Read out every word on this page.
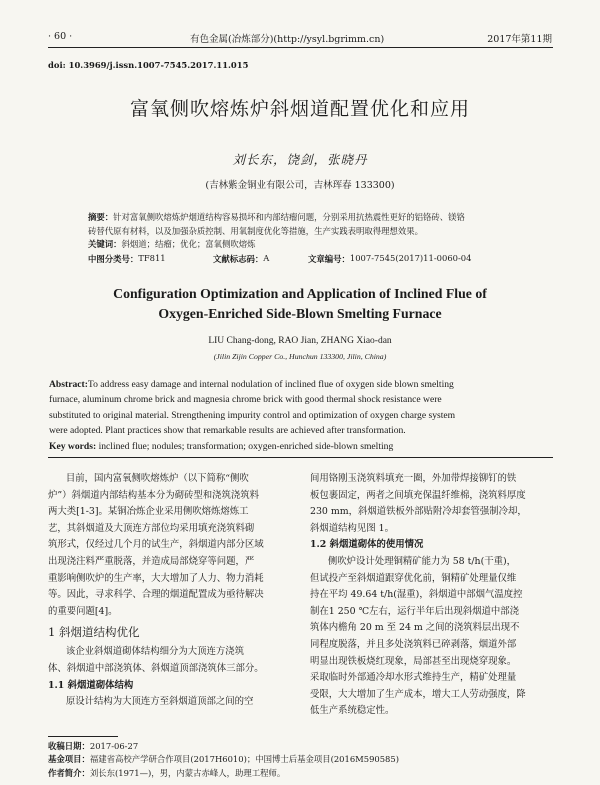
· 60 ·	有色金属(冶炼部分)(http://ysyl.bgrimm.cn)	2017年第11期
doi: 10.3969/j.issn.1007-7545.2017.11.015
富氧侧吹熔炼炉斜烟道配置优化和应用
刘长东，饶剑，张晓丹
(吉林紫金铜业有限公司，吉林珲春 133300)
摘要：针对富氧侧吹熔炼炉烟道结构容易损坏和内部结瘤问题，分别采用抗热震性更好的铝铬砖、镁铬
砖替代原有材料，以及加强杂质控制、用氧制度优化等措施，生产实践表明取得理想效果。
关键词：斜烟道；结瘤；优化；富氧侧吹熔炼
中图分类号： TF811	文献标志码： A	文章编号： 1007-7545(2017)11-0060-04
Configuration Optimization and Application of Inclined Flue of
Oxygen-Enriched Side-Blown Smelting Furnace
LIU Chang-dong, RAO Jian, ZHANG Xiao-dan
(Jilin Zijin Copper Co., Hunchun 133300, Jilin, China)
Abstract:To address easy damage and internal nodulation of inclined flue of oxygen side blown smelting
furnace, aluminum chrome brick and magnesia chrome brick with good thermal shock resistance were
substituted to original material. Strengthening impurity control and optimization of oxygen charge system
were adopted. Plant practices show that remarkable results are achieved after transformation.
Key words: inclined flue; nodules; transformation; oxygen-enriched side-blown smelting
目前，国内富氧侧吹熔炼炉（以下简称“侧吹
炉”）斜烟道内部结构基本分为砌砖型和浇筑浇筑料
两大类[1-3]。某铜冶炼企业采用侧吹熔炼熔炼工
艺，其斜烟道及大顶连方部位均采用填充浇筑料砌
筑形式，仅经过几个月的试生产，斜烟道内部分区域
出现浇注料严重脱落，并造成局部烧穿等问题，严
重影响侧吹炉的生产率，大大增加了人力、物力消耗
等。因此，寻求科学、合理的烟道配置成为亟待解决
的重要问题[4]。
1 斜烟道结构优化
该企业斜烟道砌体结构细分为大顶连方浇筑
体、斜烟道中部浇筑体、斜烟道顶部浇筑体三部分。
1.1 斜烟道砌体结构
原设计结构为大顶连方至斜烟道顶部之间的空
间用铬刚玉浇筑料填充一圈，外加带焊接铆钉的铁
板包裹固定，两者之间填充保温纤维棉，浇筑料厚度
230 mm，斜烟道铁板外部贴附冷却套管强制冷却，
斜烟道结构见图 1。
1.2 斜烟道砌体的使用情况
侧吹炉设计处理铜精矿能力为 58 t/h(干重)，
但试投产至斜烟道跟穿优化前，铜精矿处理量仅维
持在平均 49.64 t/h(湿重)，斜烟道中部烟气温度控
制在1 250 ℃左右，运行半年后出现斜烟道中部浇
筑体内檐角 20 m 至 24 m 之间的浇筑料层出现不
同程度脱落，并且多处浇筑料已碎剥落，烟道外部
明显出现铁板烧红现象，局部甚至出现烧穿现象。
采取临时外部通冷却水形式维持生产，精矿处理量
受限，大大增加了生产成本，增大工人劳动强度，降
低生产系统稳定性。
收稿日期：2017-06-27
基金项目：福建省高校产学研合作项目(2017H6010)；中国博士后基金项目(2016M590585)
作者简介：刘长东(1971—)，男，内蒙古赤峰人，助理工程师。
